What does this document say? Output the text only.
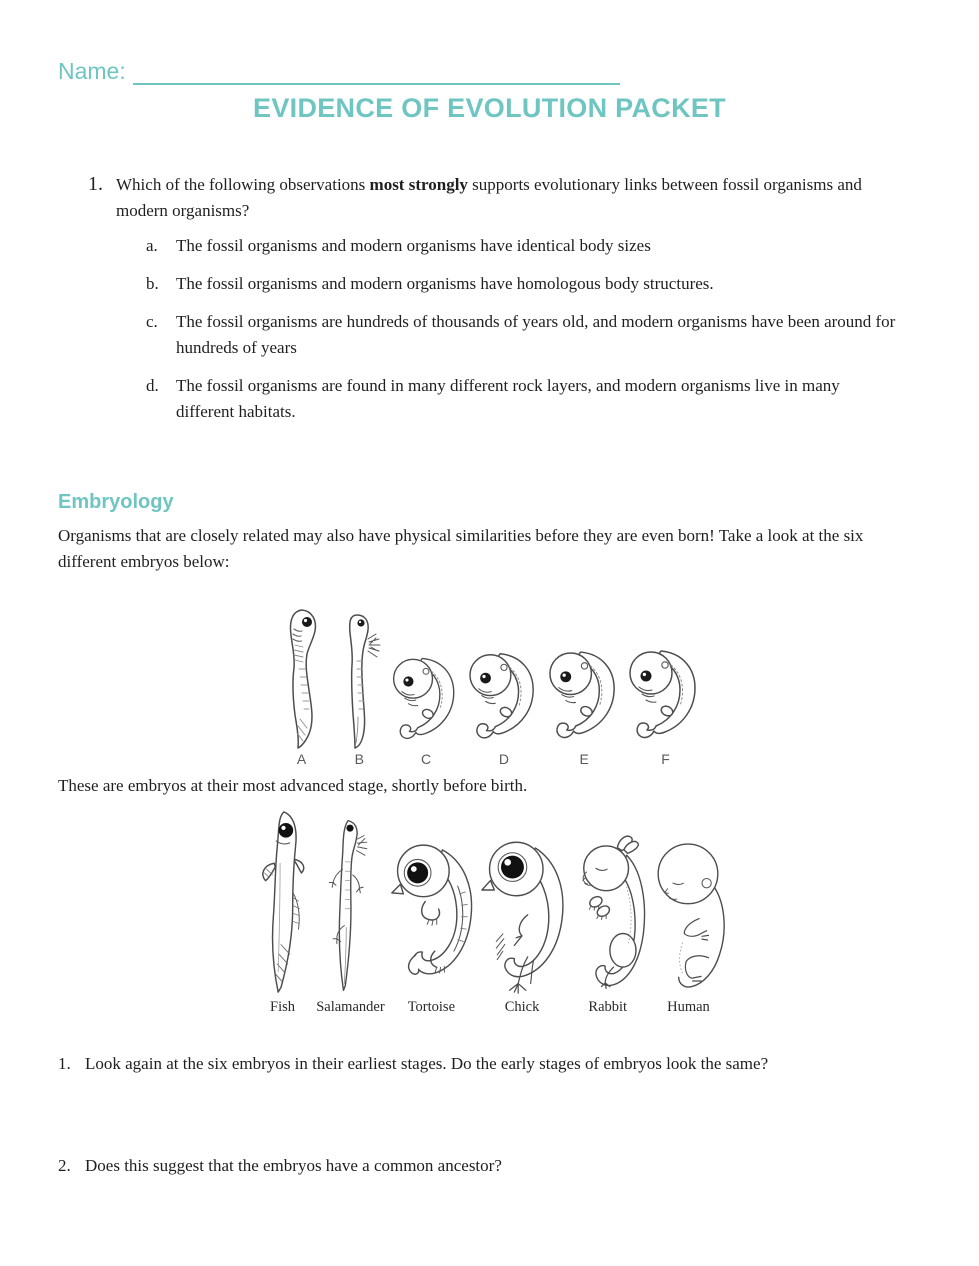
Name:
EVIDENCE OF EVOLUTION PACKET
1. Which of the following observations most strongly supports evolutionary links between fossil organisms and modern organisms?

a.	The fossil organisms and modern organisms have identical body sizes
b.	The fossil organisms and modern organisms have homologous body structures.
c.	The fossil organisms are hundreds of thousands of years old, and modern organisms have been around for hundreds of years
d.	The fossil organisms are found in many different rock layers, and modern organisms live in many different habitats.
Embryology

Organisms that are closely related may also have physical similarities before they are even born! Take a look at the six different embryos below:

A	B	C	D	E	F

These are embryos at their most advanced stage, shortly before birth.

Fish Salamander Tortoise	Chick	Rabbit	Human

1. Look again at the six embryos in their earliest stages. Do the early stages of embryos look the same?

2. Does this suggest that the embryos have a common ancestor?
